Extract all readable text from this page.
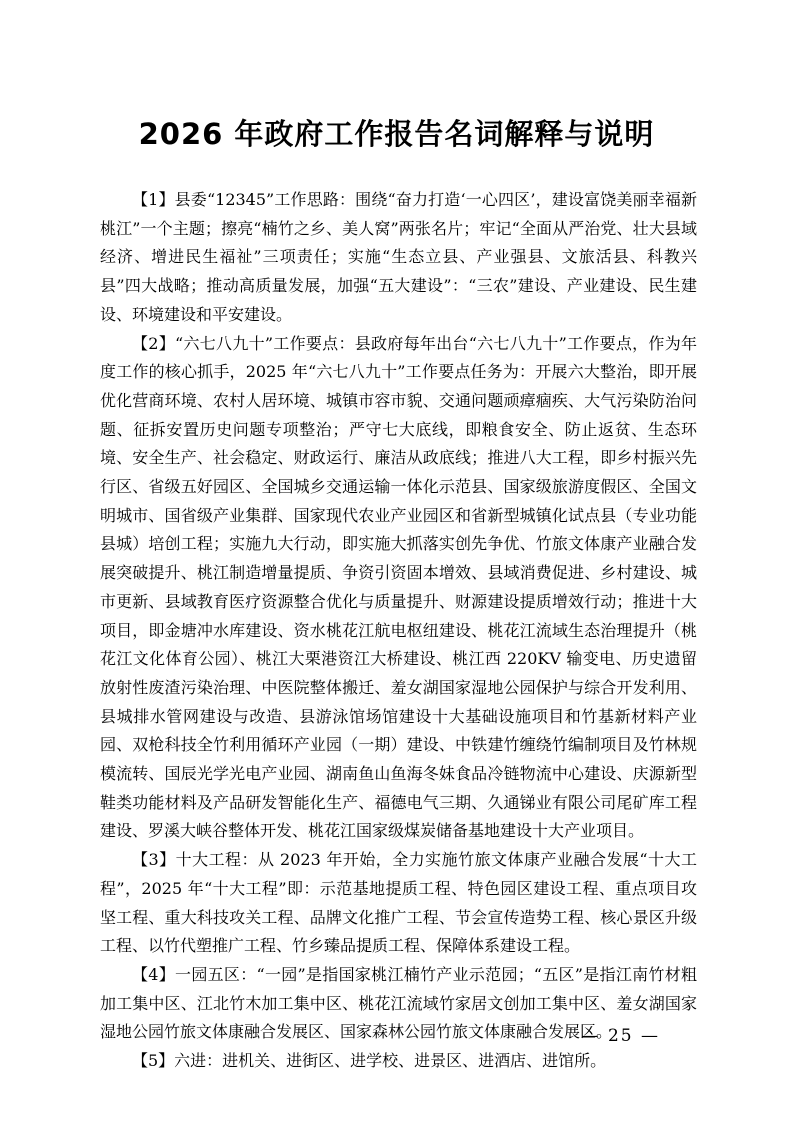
2026 年政府工作报告名词解释与说明

【1】县委“12345”工作思路：围绕“奋力打造‘一心四区’，建设富饶美丽幸福新桃江”一个主题；擦亮“楠竹之乡、美人窝”两张名片；牢记“全面从严治党、壮大县域经济、增进民生福祉”三项责任；实施“生态立县、产业强县、文旅活县、科教兴县”四大战略；推动高质量发展，加强“五大建设”：“三农”建设、产业建设、民生建设、环境建设和平安建设。

【2】“六七八九十”工作要点：县政府每年出台“六七八九十”工作要点，作为年度工作的核心抓手，2025 年“六七八九十”工作要点任务为：开展六大整治，即开展优化营商环境、农村人居环境、城镇市容市貌、交通问题顽瘴痼疾、大气污染防治问题、征拆安置历史问题专项整治；严守七大底线，即粮食安全、防止返贫、生态环境、安全生产、社会稳定、财政运行、廉洁从政底线；推进八大工程，即乡村振兴先行区、省级五好园区、全国城乡交通运输一体化示范县、国家级旅游度假区、全国文明城市、国省级产业集群、国家现代农业产业园区和省新型城镇化试点县（专业功能县城）培创工程；实施九大行动，即实施大抓落实创先争优、竹旅文体康产业融合发展突破提升、桃江制造增量提质、争资引资固本增效、县域消费促进、乡村建设、城市更新、县域教育医疗资源整合优化与质量提升、财源建设提质增效行动；推进十大项目，即金塘冲水库建设、资水桃花江航电枢纽建设、桃花江流域生态治理提升（桃花江文化体育公园）、桃江大栗港资江大桥建设、桃江西 220KV 输变电、历史遗留放射性废渣污染治理、中医院整体搬迁、羞女湖国家湿地公园保护与综合开发利用、县城排水管网建设与改造、县游泳馆场馆建设十大基础设施项目和竹基新材料产业园、双枪科技全竹利用循环产业园（一期）建设、中铁建竹缠绕竹编制项目及竹林规模流转、国辰光学光电产业园、湖南鱼山鱼海冬妹食品冷链物流中心建设、庆源新型鞋类功能材料及产品研发智能化生产、福德电气三期、久通锑业有限公司尾矿库工程建设、罗溪大峡谷整体开发、桃花江国家级煤炭储备基地建设十大产业项目。

【3】十大工程：从 2023 年开始，全力实施竹旅文体康产业融合发展“十大工程”，2025 年“十大工程”即：示范基地提质工程、特色园区建设工程、重点项目攻坚工程、重大科技攻关工程、品牌文化推广工程、节会宣传造势工程、核心景区升级工程、以竹代塑推广工程、竹乡臻品提质工程、保障体系建设工程。

【4】一园五区：“一园”是指国家桃江楠竹产业示范园；“五区”是指江南竹材粗加工集中区、江北竹木加工集中区、桃花江流域竹家居文创加工集中区、羞女湖国家湿地公园竹旅文体康融合发展区、国家森林公园竹旅文体康融合发展区。

【5】六进：进机关、进街区、进学校、进景区、进酒店、进馆所。

— 25 —
